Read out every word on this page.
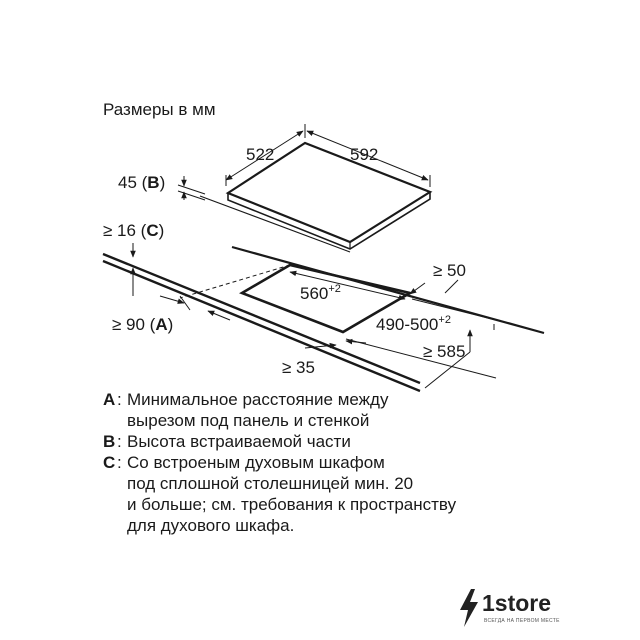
Размеры в мм
522	592
45 (B)
≥ 16 (C)
≥ 50
$560^{+2}$
$490-500^{+2}$
≥ 90 (A)
≥ 585
≥ 35
A : Минимальное расстояние между
вырезом под панель и стенкой
B : Высота встраиваемой части
C : Со встроеным духовым шкафом
под сплошной столешницей мин. 20
и больше; см. требования к пространству
для духового шкафа.
1store
ВСЕГДА НА ПЕРВОМ МЕСТЕ
